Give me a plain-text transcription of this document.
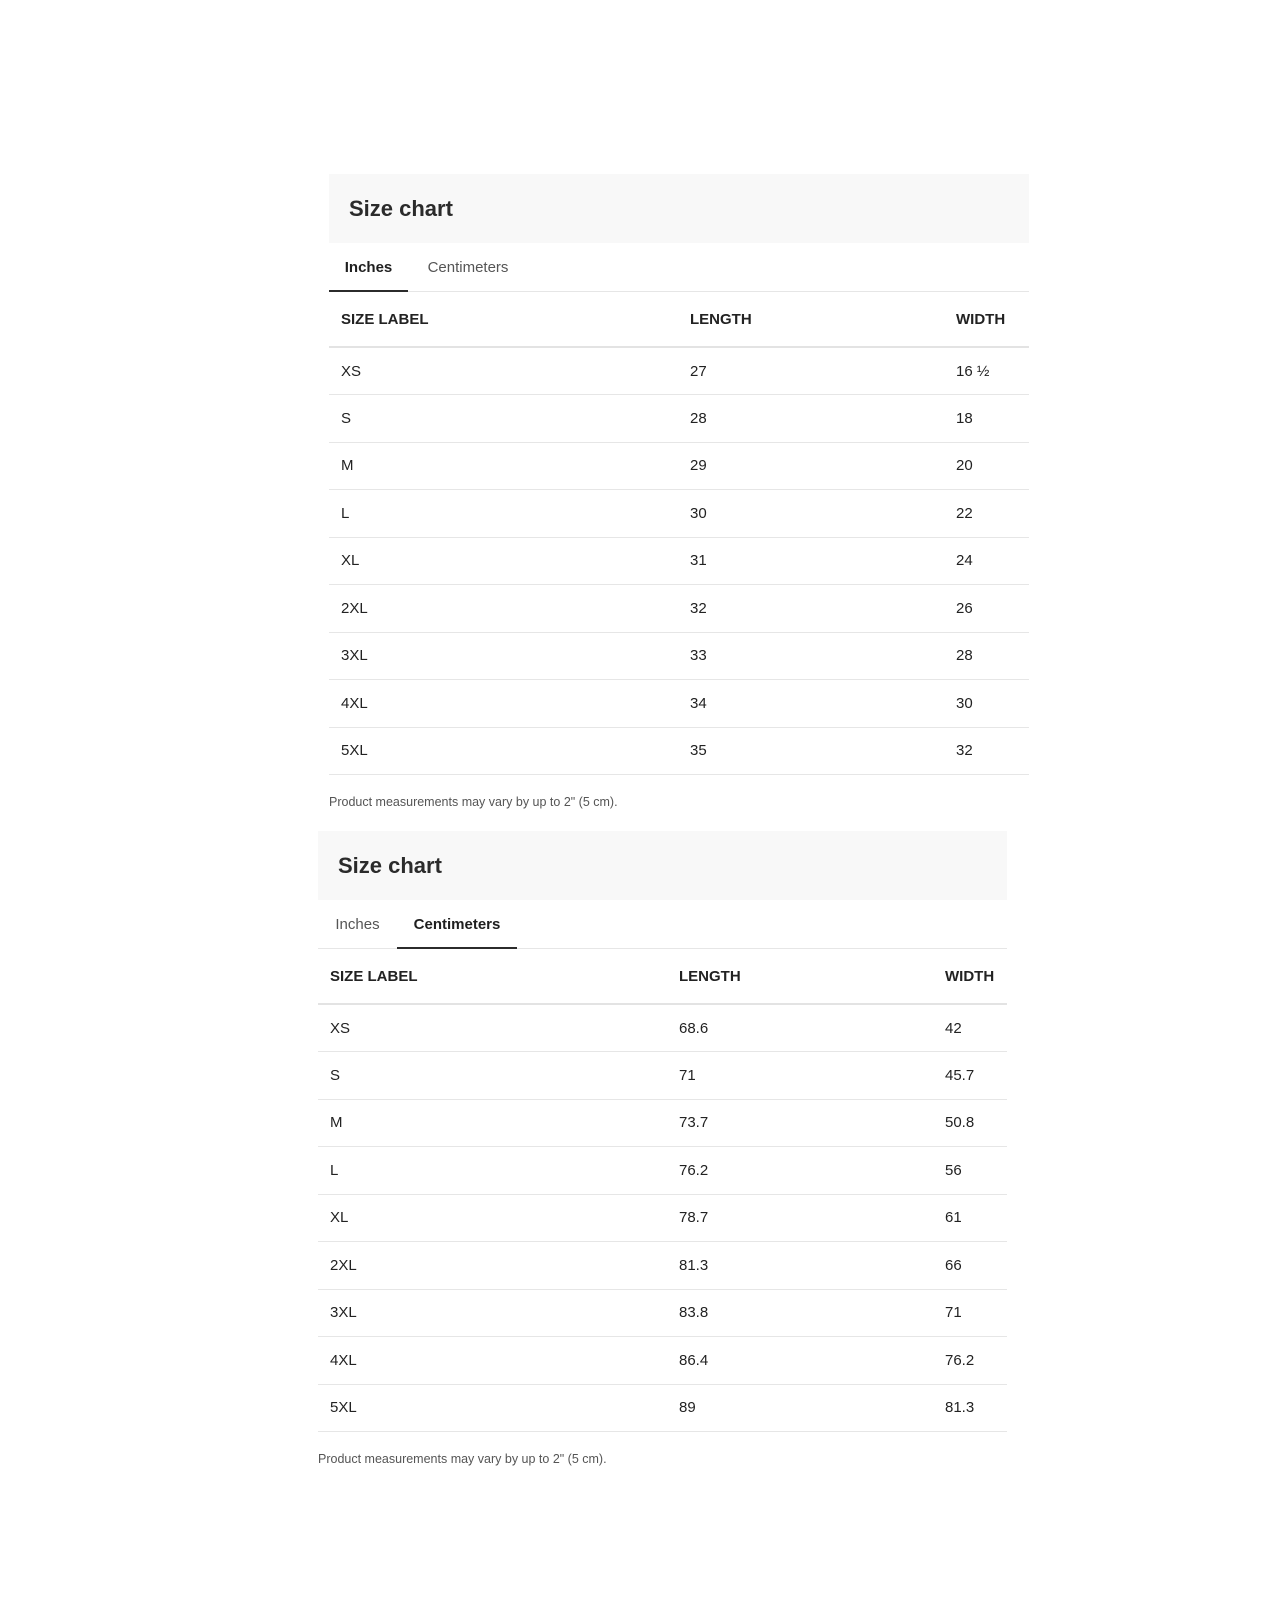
Size chart
Inches	Centimeters
SIZE LABEL	LENGTH	WIDTH
XS	27	16 ½
S	28	18
M	29	20
L	30	22
XL	31	24
2XL	32	26
3XL	33	28
4XL	34	30
5XL	35	32
Product measurements may vary by up to 2" (5 cm).
Size chart
Inches	Centimeters
SIZE LABEL	LENGTH	WIDTH
XS	68.6	42
S	71	45.7
M	73.7	50.8
L	76.2	56
XL	78.7	61
2XL	81.3	66
3XL	83.8	71
4XL	86.4	76.2
5XL	89	81.3
Product measurements may vary by up to 2" (5 cm).
